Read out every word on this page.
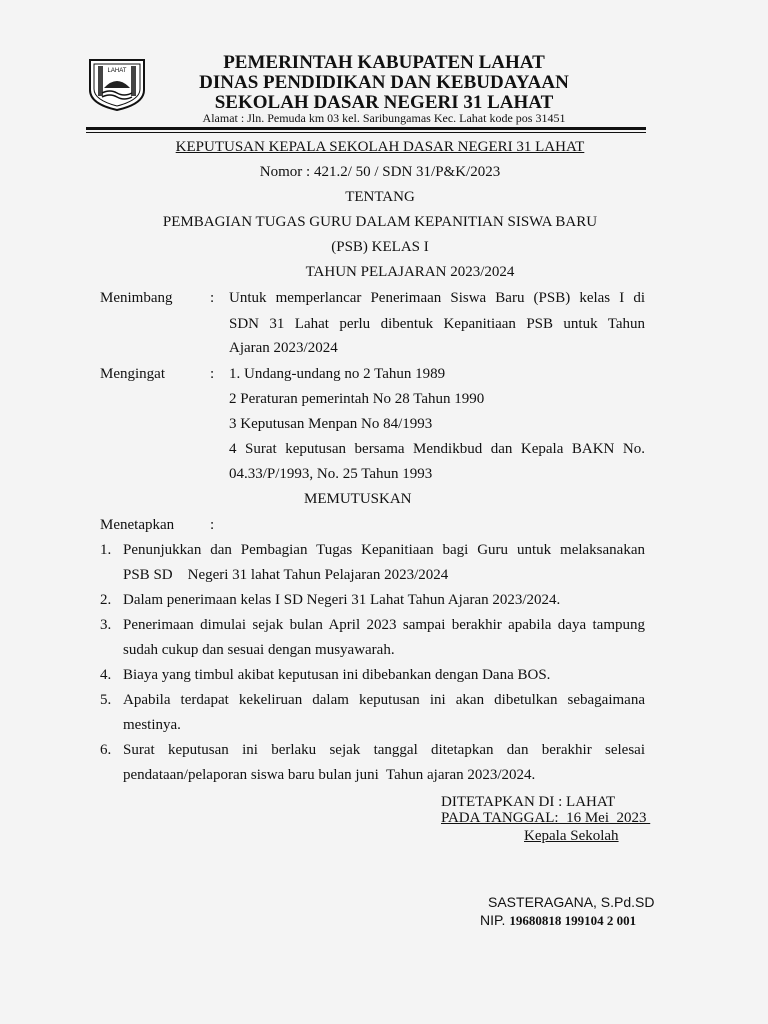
LAHAT	PEMERINTAH KABUPATEN LAHAT
DINAS PENDIDIKAN DAN KEBUDAYAAN
SEKOLAH DASAR NEGERI 31 LAHAT
Alamat : Jln. Pemuda km 03 kel. Saribungamas Kec. Lahat kode pos 31451
KEPUTUSAN KEPALA SEKOLAH DASAR NEGERI 31 LAHAT
Nomor : 421.2/ 50 / SDN 31/P&K/2023
TENTANG
PEMBAGIAN TUGAS GURU DALAM KEPANITIAN SISWA BARU
(PSB) KELAS I
TAHUN PELAJARAN 2023/2024
Menimbang	: Untuk memperlancar Penerimaan Siswa Baru (PSB) kelas I di
SDN 31 Lahat perlu dibentuk Kepanitiaan PSB untuk Tahun
Ajaran 2023/2024
Mengingat	: 1. Undang-undang no 2 Tahun 1989
2 Peraturan pemerintah No 28 Tahun 1990
3 Keputusan Menpan No 84/1993
4 Surat keputusan bersama Mendikbud dan Kepala BAKN No.
04.33/P/1993, No. 25 Tahun 1993
MEMUTUSKAN
Menetapkan :
1. Penunjukkan dan Pembagian Tugas Kepanitiaan bagi Guru untuk melaksanakan
PSB SD    Negeri 31 lahat Tahun Pelajaran 2023/2024
2. Dalam penerimaan kelas I SD Negeri 31 Lahat Tahun Ajaran 2023/2024.
3. Penerimaan dimulai sejak bulan April 2023 sampai berakhir apabila daya tampung
sudah cukup dan sesuai dengan musyawarah.
4. Biaya yang timbul akibat keputusan ini dibebankan dengan Dana BOS.
5. Apabila terdapat kekeliruan dalam keputusan ini akan dibetulkan sebagaimana
mestinya.
6. Surat keputusan ini berlaku sejak tanggal ditetapkan dan berakhir selesai
pendataan/pelaporan siswa baru bulan juni  Tahun ajaran 2023/2024.
DITETAPKAN DI : LAHAT
PADA TANGGAL:  16 Mei  2023
Kepala Sekolah
SASTERAGANA, S.Pd.SD
NIP. 19680818 199104 2 001
